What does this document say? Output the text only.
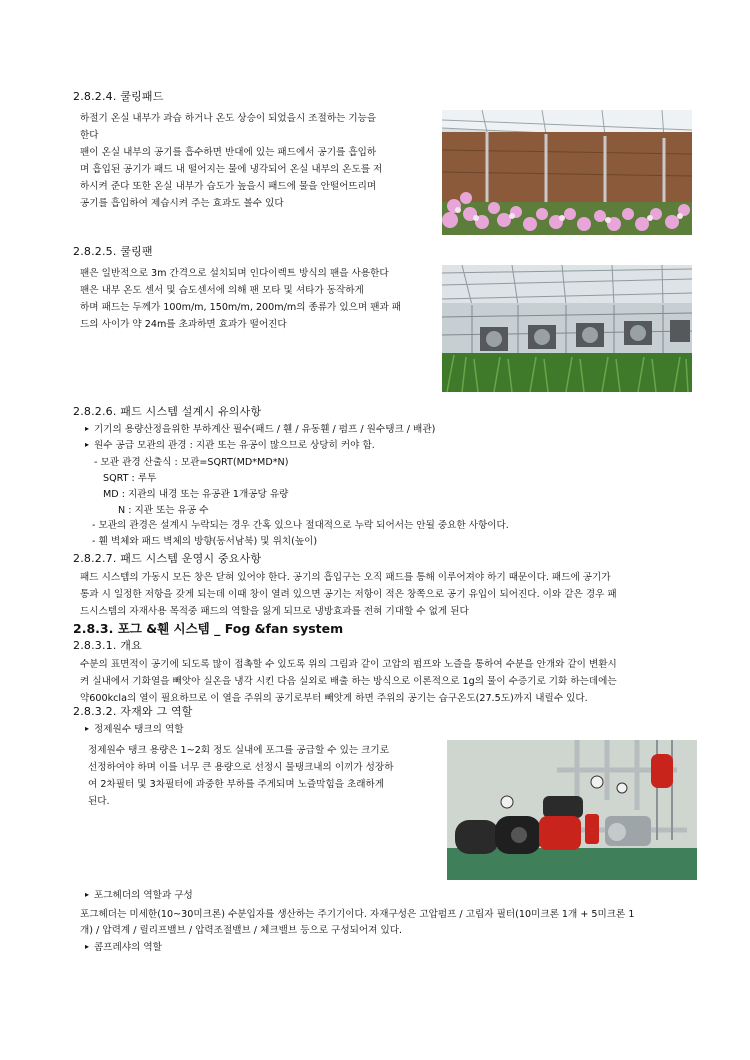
2.8.2.4. 쿨링패드
하절기 온실 내부가 과습 하거나 온도 상승이 되었을시 조절하는 기능을
한다
팬이 온실 내부의 공기를 흡수하면 반대에 있는 패드에서 공기를 흡입하
며 흡입된 공기가 패드 내 떨어지는 물에 냉각되어 온실 내부의 온도를 저
하시켜 준다 또한 온실 내부가 습도가 높을시 패드에 물을 안떨어뜨리며
공기를 흡입하여 제습시켜 주는 효과도 볼수 있다
2.8.2.5. 쿨링팬
팬은 일반적으로 3m 간격으로 설치되며 인다이렉트 방식의 팬을 사용한다
팬은 내부 온도 센서 및 습도센서에 의해 팬 모타 및 셔타가 동작하게
하며 패드는 두께가 100m/m, 150m/m, 200m/m의 종류가 있으며 팬과 패
드의 사이가 약 24m를 초과하면 효과가 떨어진다
2.8.2.6. 패드 시스템 설계시 유의사항
▸ 기기의 용량산정을위한 부하계산 필수(패드 / 휀 / 유동휀 / 펌프 / 원수탱크 / 배관)
▸ 원수 공급 모관의 관경 : 지관 또는 유공이 많으므로 상당히 커야 함.
- 모관 관경 산출식 : 모관=SQRT(MD*MD*N)
SQRT : 루투
MD : 지관의 내경 또는 유공관 1개공당 유량
N : 지관 또는 유공 수
- 모관의 관경은 설계시 누락되는 경우 간혹 있으나 절대적으로 누락 되어서는 안될 중요한 사항이다.
- 휀 벽체와 패드 벽체의 방향(동서남북) 및 위치(높이)
2.8.2.7. 패드 시스템 운영시 중요사항
패드 시스템의 가동시 모든 창은 닫혀 있어야 한다. 공기의 흡입구는 오직 패드를 통해 이루어져야 하기 때문이다. 패드에 공기가
통과 시 일정한 저항을 갖게 되는데 이때 창이 열려 있으면 공기는 저항이 적은 창쪽으로 공기 유입이 되어진다. 이와 같은 경우 패
드시스템의 자재사용 목적중 패드의 역할을 잃게 되므로 냉방효과를 전혀 기대할 수 없게 된다
2.8.3. 포그 &휀 시스템 _ Fog &fan system
2.8.3.1. 개요
수분의 표면적이 공기에 되도록 많이 접촉할 수 있도록 위의 그림과 같이 고압의 펌프와 노즐을 통하여 수분을 안개와 같이 변환시
켜 실내에서 기화열을 빼앗아 실온을 냉각 시킨 다음 실외로 배출 하는 방식으로 이론적으로 1g의 물이 수증기로 기화 하는데에는
약600kcla의 열이 필요하므로 이 열을 주위의 공기로부터 빼앗게 하면 주위의 공기는 습구온도(27.5도)까지 내릴수 있다.
2.8.3.2. 자재와 그 역할
▸ 정제원수 탱크의 역할
정제원수 탱크 용량은 1~2회 정도 실내에 포그를 공급할 수 있는 크기로
선정하여야 하며 이를 너무 큰 용량으로 선정시 물탱크내의 이끼가 성장하
여 2차필터 및 3차필터에 과중한 부하를 주게되며 노즐막힘을 초래하게
된다.
▸ 포그헤더의 역할과 구성
포그헤더는 미세한(10~30미크론) 수분입자를 생산하는 주기기이다. 자재구성은 고압펌프 / 고립자 필터(10미크론 1개 + 5미크론 1
개) / 압력계 / 릴리프밸브 / 압력조절밸브 / 체크밸브 등으로 구성되어져 있다.
▸ 콤프레샤의 역할
